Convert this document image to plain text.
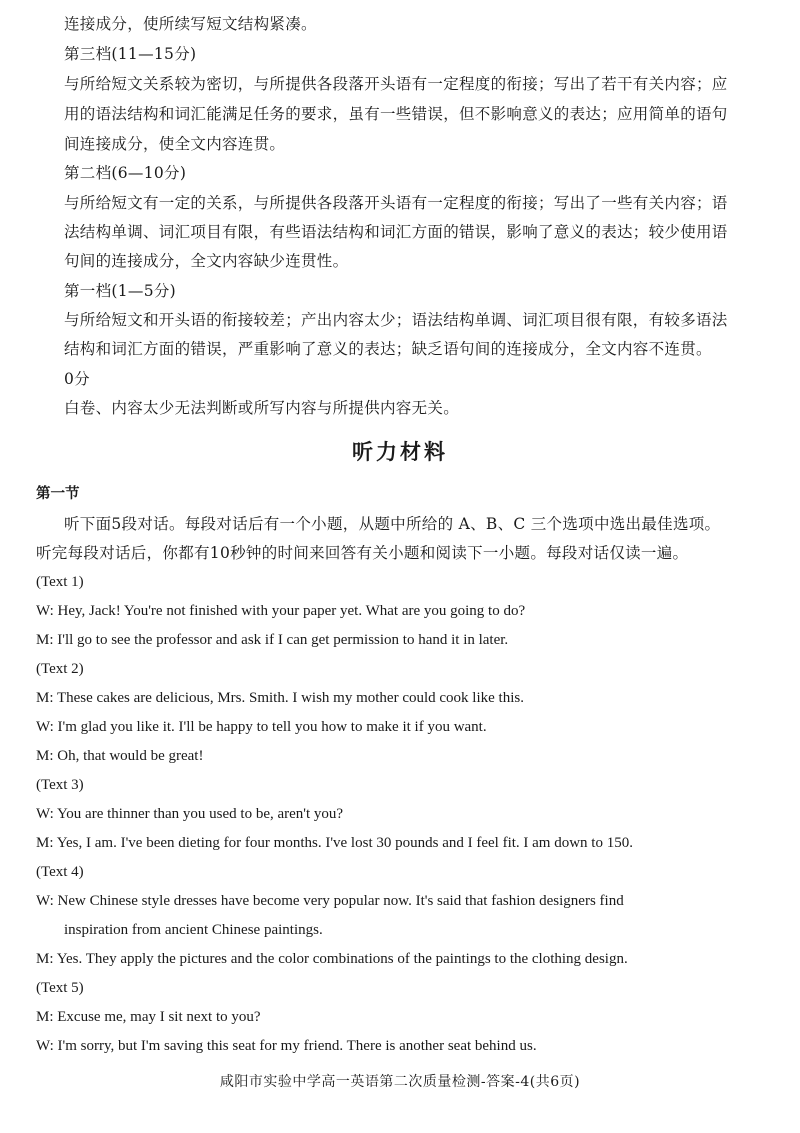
连接成分，使所续写短文结构紧凑。
第三档(11—15分)
与所给短文关系较为密切，与所提供各段落开头语有一定程度的衔接；写出了若干有关内容；应
用的语法结构和词汇能满足任务的要求，虽有一些错误，但不影响意义的表达；应用简单的语句
间连接成分，使全文内容连贯。
第二档(6—10分)
与所给短文有一定的关系，与所提供各段落开头语有一定程度的衔接；写出了一些有关内容；语
法结构单调、词汇项目有限，有些语法结构和词汇方面的错误，影响了意义的表达；较少使用语
句间的连接成分，全文内容缺少连贯性。
第一档(1—5分)
与所给短文和开头语的衔接较差；产出内容太少；语法结构单调、词汇项目很有限，有较多语法
结构和词汇方面的错误，严重影响了意义的表达；缺乏语句间的连接成分，全文内容不连贯。
0分
白卷、内容太少无法判断或所写内容与所提供内容无关。
听力材料
第一节
听下面5段对话。每段对话后有一个小题，从题中所给的 A、B、C 三个选项中选出最佳选项。
听完每段对话后，你都有10秒钟的时间来回答有关小题和阅读下一小题。每段对话仅读一遍。
(Text 1)
W: Hey, Jack! You're not finished with your paper yet. What are you going to do?
M: I'll go to see the professor and ask if I can get permission to hand it in later.
(Text 2)
M: These cakes are delicious, Mrs. Smith. I wish my mother could cook like this.
W: I'm glad you like it. I'll be happy to tell you how to make it if you want.
M: Oh, that would be great!
(Text 3)
W: You are thinner than you used to be, aren't you?
M: Yes, I am. I've been dieting for four months. I've lost 30 pounds and I feel fit. I am down to 150.
(Text 4)
W: New Chinese style dresses have become very popular now. It's said that fashion designers find
inspiration from ancient Chinese paintings.
M: Yes. They apply the pictures and the color combinations of the paintings to the clothing design.
(Text 5)
M: Excuse me, may I sit next to you?
W: I'm sorry, but I'm saving this seat for my friend. There is another seat behind us.
咸阳市实验中学高一英语第二次质量检测-答案-4(共6页)
